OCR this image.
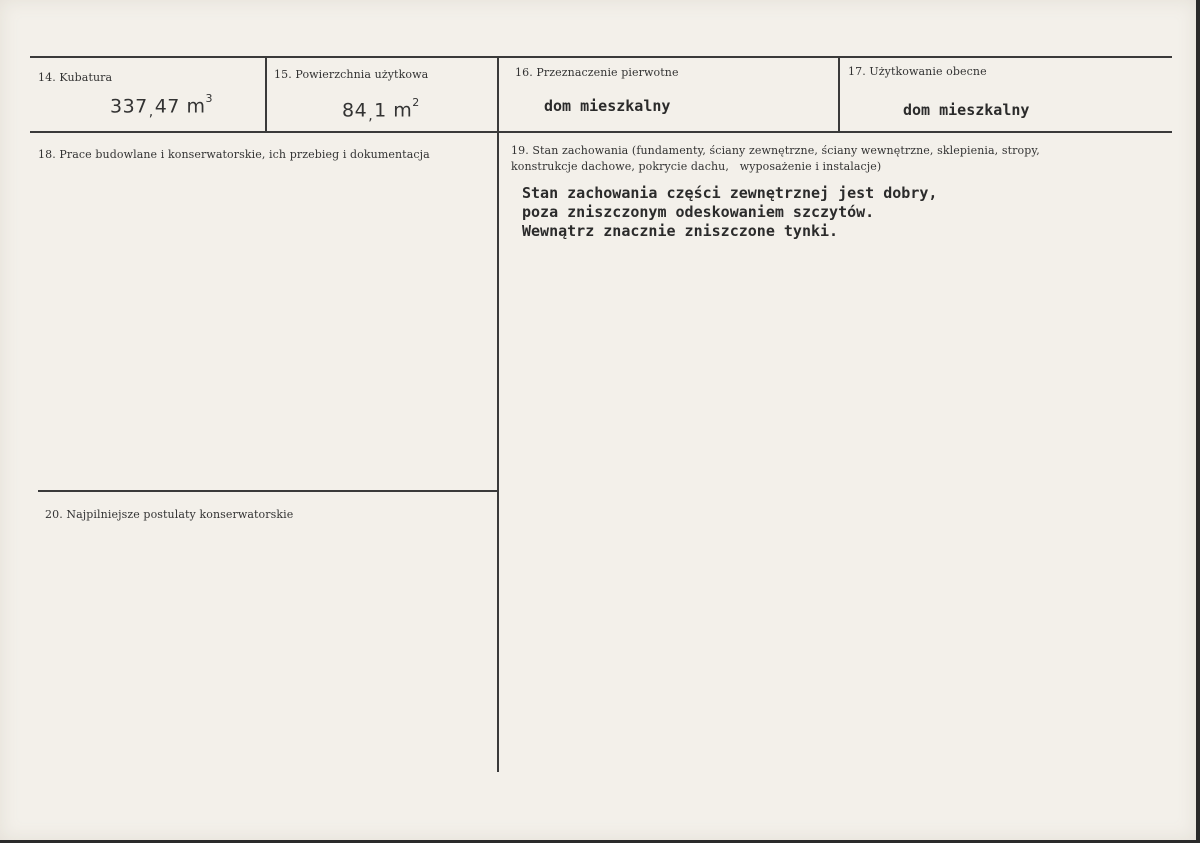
14. Kubatura
$337_,47$ $m^3$
15. Powierzchnia użytkowa
$84_,1$ $m^2$
16. Przeznaczenie pierwotne
dom mieszkalny
17. Użytkowanie obecne
dom mieszkalny
18. Prace budowlane i konserwatorskie, ich przebieg i dokumentacja	19. Stan zachowania (fundamenty, ściany zewnętrzne, ściany wewnętrzne, sklepienia, stropy,
konstrukcje dachowe, pokrycie dachu,   wyposażenie i instalacje)
Stan zachowania części zewnętrznej jest dobry,
poza zniszczonym odeskowaniem szczytów.
Wewnątrz znacznie zniszczone tynki.
20. Najpilniejsze postulaty konserwatorskie
